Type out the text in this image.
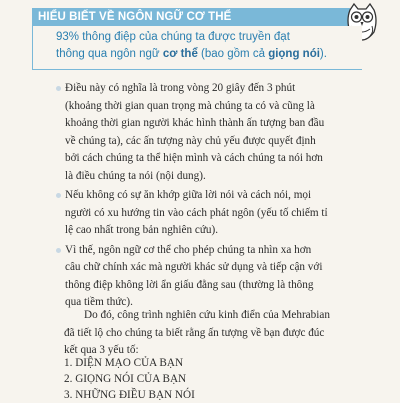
HIỂU BIẾT VỀ NGÔN NGỮ CƠ THỂ
93% thông điệp của chúng ta được truyền đạt
thông qua ngôn ngữ cơ thể (bao gồm cả giọng nói).
Điều này có nghĩa là trong vòng 20 giây đến 3 phút
(khoảng thời gian quan trọng mà chúng ta có và cũng là
khoảng thời gian người khác hình thành ấn tượng ban đầu
về chúng ta), các ấn tượng này chủ yếu được quyết định
bởi cách chúng ta thể hiện mình và cách chúng ta nói hơn
là điều chúng ta nói (nội dung).
Nếu không có sự ăn khớp giữa lời nói và cách nói, mọi
người có xu hướng tin vào cách phát ngôn (yếu tố chiếm tỉ
lệ cao nhất trong bản nghiên cứu).
Vì thế, ngôn ngữ cơ thể cho phép chúng ta nhìn xa hơn
câu chữ chính xác mà người khác sử dụng và tiếp cận với
thông điệp không lời ẩn giấu đằng sau (thường là thông
qua tiềm thức).
Do đó, công trình nghiên cứu kinh điển của Mehrabian
đã tiết lộ cho chúng ta biết rằng ấn tượng về bạn được đúc
kết qua 3 yếu tố:
1. DIỆN MẠO CỦA BẠN
2. GIỌNG NÓI CỦA BẠN
3. NHỮNG ĐIỀU BẠN NÓI
